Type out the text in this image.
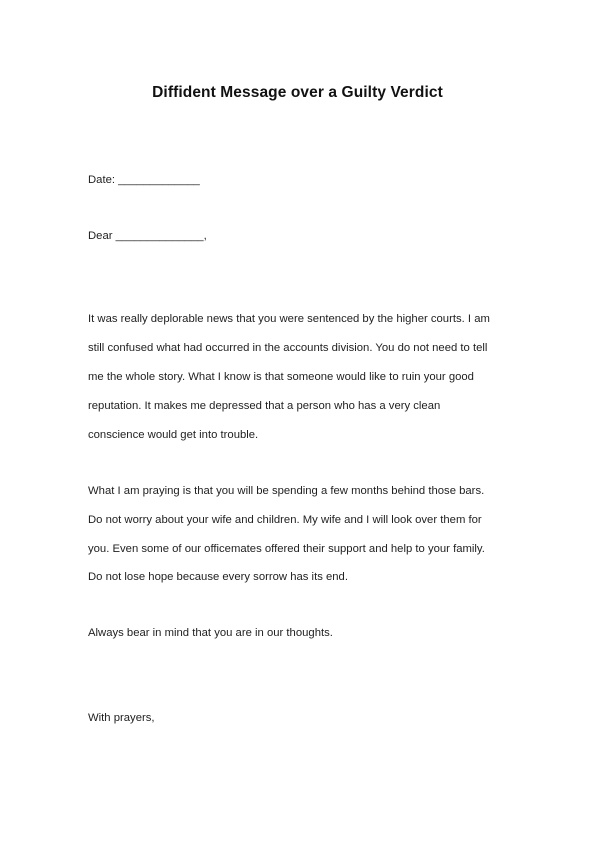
Diffident Message over a Guilty Verdict
Date: _____________
Dear ______________,
It was really deplorable news that you were sentenced by the higher courts. I am
still confused what had occurred in the accounts division. You do not need to tell
me the whole story. What I know is that someone would like to ruin your good
reputation. It makes me depressed that a person who has a very clean
conscience would get into trouble.
What I am praying is that you will be spending a few months behind those bars.
Do not worry about your wife and children. My wife and I will look over them for
you. Even some of our officemates offered their support and help to your family.
Do not lose hope because every sorrow has its end.
Always bear in mind that you are in our thoughts.
With prayers,
